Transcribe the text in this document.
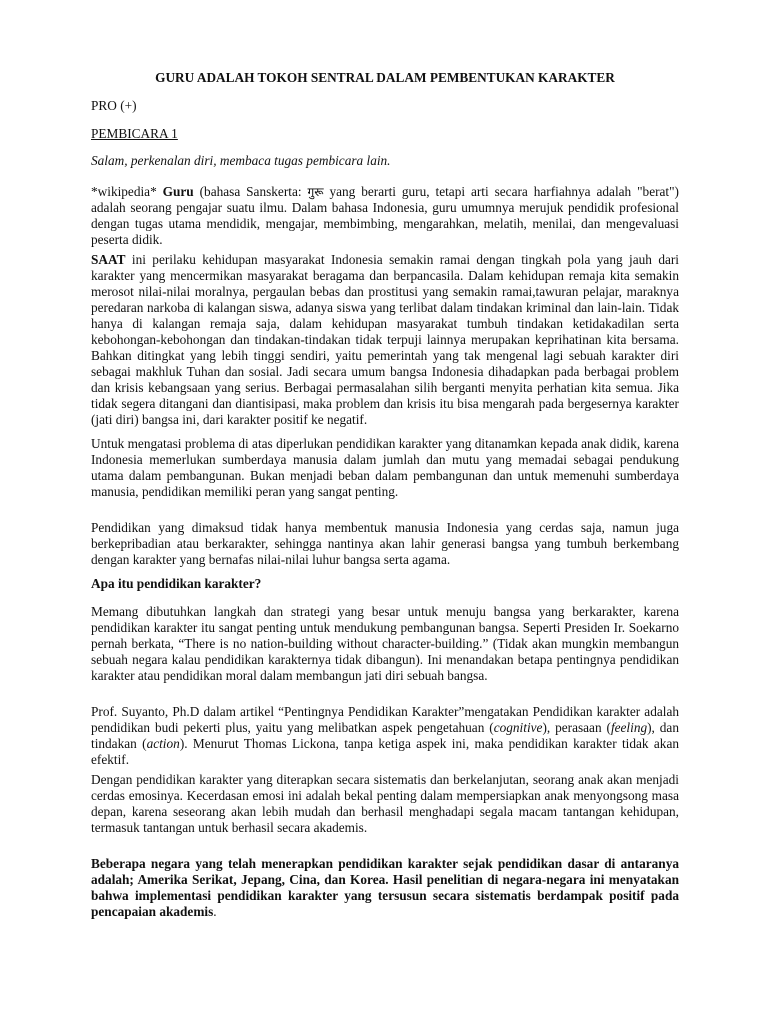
GURU ADALAH TOKOH SENTRAL DALAM PEMBENTUKAN KARAKTER
PRO (+)
PEMBICARA 1
Salam, perkenalan diri, membaca tugas pembicara lain.
*wikipedia* Guru (bahasa Sanskerta: गुरू yang berarti guru, tetapi arti secara harfiahnya adalah "berat") adalah seorang pengajar suatu ilmu. Dalam bahasa Indonesia, guru umumnya merujuk pendidik profesional dengan tugas utama mendidik, mengajar, membimbing, mengarahkan, melatih, menilai, dan mengevaluasi peserta didik.
SAAT ini perilaku kehidupan masyarakat Indonesia semakin ramai dengan tingkah pola yang jauh dari karakter yang mencermikan masyarakat beragama dan berpancasila. Dalam kehidupan remaja kita semakin merosot nilai-nilai moralnya, pergaulan bebas dan prostitusi yang semakin ramai,tawuran pelajar, maraknya peredaran narkoba di kalangan siswa, adanya siswa yang terlibat dalam tindakan kriminal dan lain-lain. Tidak hanya di kalangan remaja saja, dalam kehidupan masyarakat tumbuh tindakan ketidakadilan serta kebohongan-kebohongan dan tindakan-tindakan tidak terpuji lainnya merupakan keprihatinan kita bersama. Bahkan ditingkat yang lebih tinggi sendiri, yaitu pemerintah yang tak mengenal lagi sebuah karakter diri sebagai makhluk Tuhan dan sosial. Jadi secara umum bangsa Indonesia dihadapkan pada berbagai problem dan krisis kebangsaan yang serius. Berbagai permasalahan silih berganti menyita perhatian kita semua. Jika tidak segera ditangani dan diantisipasi, maka problem dan krisis itu bisa mengarah pada bergesernya karakter (jati diri) bangsa ini, dari karakter positif ke negatif.
Untuk mengatasi problema di atas diperlukan pendidikan karakter yang ditanamkan kepada anak didik, karena Indonesia memerlukan sumberdaya manusia dalam jumlah dan mutu yang memadai sebagai pendukung utama dalam pembangunan. Bukan menjadi beban dalam pembangunan dan untuk memenuhi sumberdaya manusia, pendidikan memiliki peran yang sangat penting.
Pendidikan yang dimaksud tidak hanya membentuk manusia Indonesia yang cerdas saja, namun juga berkepribadian atau berkarakter, sehingga nantinya akan lahir generasi bangsa yang tumbuh berkembang dengan karakter yang bernafas nilai-nilai luhur bangsa serta agama.
Apa itu pendidikan karakter?
Memang dibutuhkan langkah dan strategi yang besar untuk menuju bangsa yang berkarakter, karena pendidikan karakter itu sangat penting untuk mendukung pembangunan bangsa. Seperti Presiden Ir. Soekarno pernah berkata, “There is no nation-building without character-building.” (Tidak akan mungkin membangun sebuah negara kalau pendidikan karakternya tidak dibangun). Ini menandakan betapa pentingnya pendidikan karakter atau pendidikan moral dalam membangun jati diri sebuah bangsa.
Prof. Suyanto, Ph.D dalam artikel “Pentingnya Pendidikan Karakter”mengatakan Pendidikan karakter adalah pendidikan budi pekerti plus, yaitu yang melibatkan aspek pengetahuan (cognitive), perasaan (feeling), dan tindakan (action). Menurut Thomas Lickona, tanpa ketiga aspek ini, maka pendidikan karakter tidak akan efektif.
Dengan pendidikan karakter yang diterapkan secara sistematis dan berkelanjutan, seorang anak akan menjadi cerdas emosinya. Kecerdasan emosi ini adalah bekal penting dalam mempersiapkan anak menyongsong masa depan, karena seseorang akan lebih mudah dan berhasil menghadapi segala macam tantangan kehidupan, termasuk tantangan untuk berhasil secara akademis.
Beberapa negara yang telah menerapkan pendidikan karakter sejak pendidikan dasar di antaranya adalah; Amerika Serikat, Jepang, Cina, dan Korea. Hasil penelitian di negara-negara ini menyatakan bahwa implementasi pendidikan karakter yang tersusun secara sistematis berdampak positif pada pencapaian akademis.
